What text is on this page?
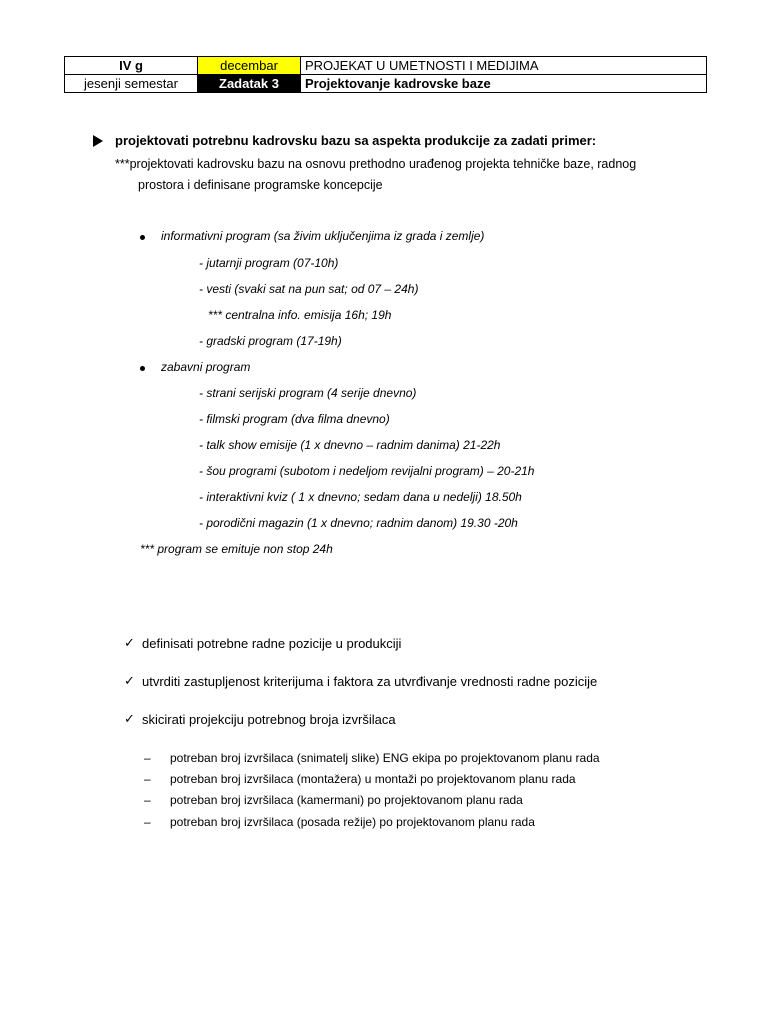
IV g	decembar	PROJEKAT U UMETNOSTI I MEDIJIMA
jesenji semestar	Zadatak 3	Projektovanje kadrovske baze
projektovati potrebnu kadrovsku bazu sa aspekta produkcije za zadati primer:
***projektovati kadrovsku bazu na osnovu prethodno urađenog projekta tehničke baze, radnog
prostora i definisane programske koncepcije
informativni program (sa živim uključenjima iz grada i zemlje)
- jutarnji program (07-10h)
- vesti (svaki sat na pun sat; od 07 – 24h)
*** centralna info. emisija 16h; 19h
- gradski program (17-19h)
zabavni program
- strani serijski program (4 serije dnevno)
- filmski program (dva filma dnevno)
- talk show emisije (1 x dnevno – radnim danima) 21-22h
- šou programi (subotom i nedeljom revijalni program) – 20-21h
- interaktivni kviz ( 1 x dnevno; sedam dana u nedelji) 18.50h
- porodični magazin (1 x dnevno; radnim danom) 19.30 -20h
*** program se emituje non stop 24h
✓ definisati potrebne radne pozicije u produkciji
✓ utvrditi zastupljenost kriterijuma i faktora za utvrđivanje vrednosti radne pozicije
✓ skicirati projekciju potrebnog broja izvršilaca
– potreban broj izvršilaca (snimatelj slike) ENG ekipa po projektovanom planu rada
– potreban broj izvršilaca (montažera) u montaži po projektovanom planu rada
– potreban broj izvršilaca (kamermani) po projektovanom planu rada
– potreban broj izvršilaca (posada režije) po projektovanom planu rada
